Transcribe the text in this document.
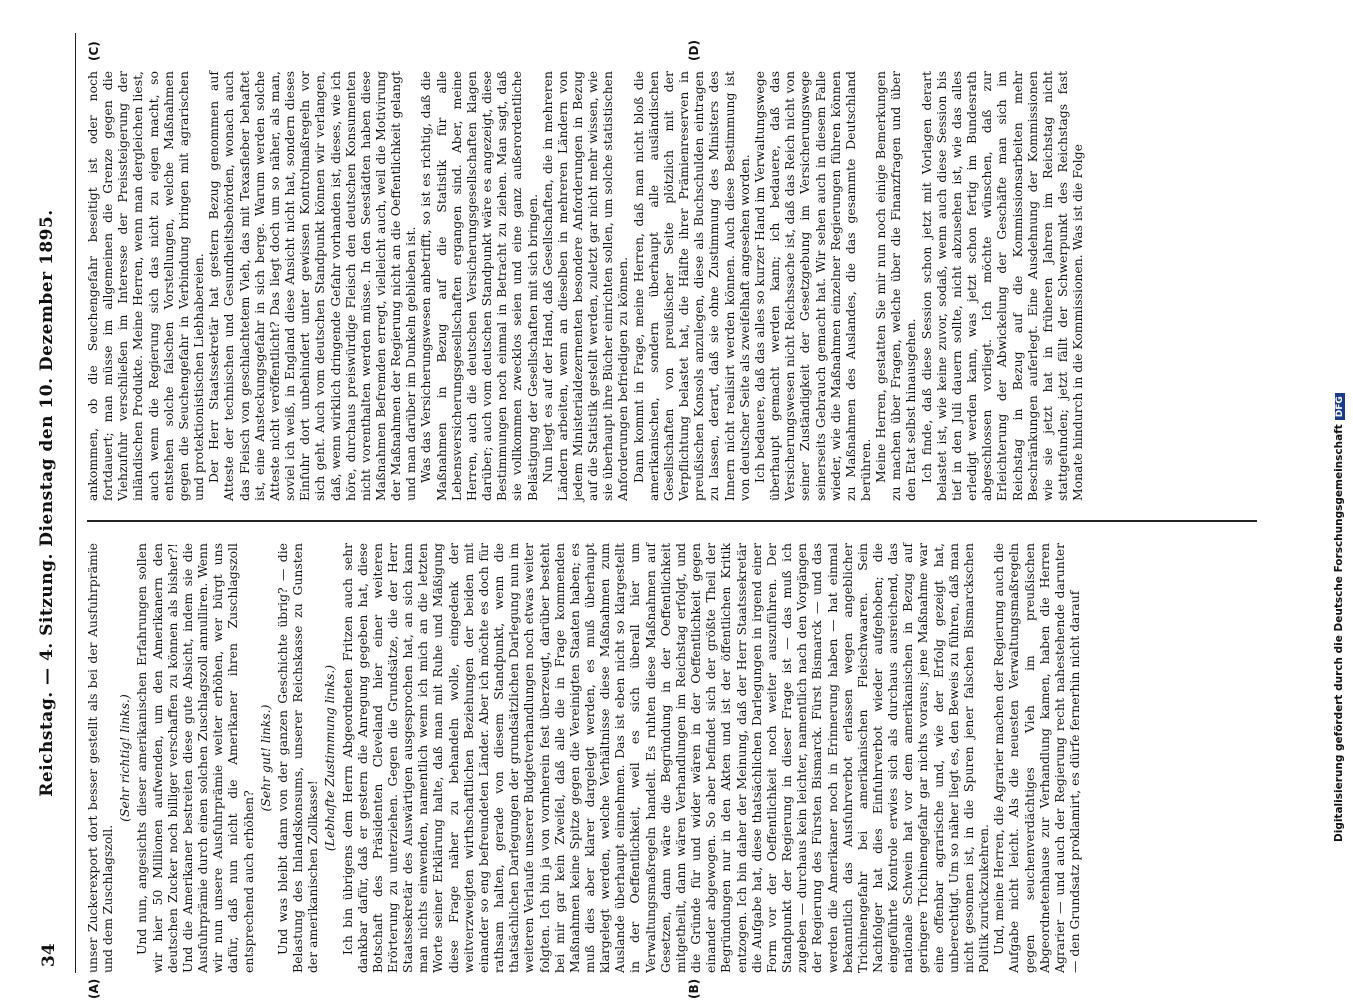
34
Reichstag. — 4. Sitzung. Dienstag den 10. Dezember 1895.
(A)	(B)
(C)	(D)

unser Zuckerexport dort besser gestellt als bei der Ausfuhrprämie und dem Zuschlagszoll.

(Sehr richtig! links.) Und nun, angesichts dieser amerikanischen Erfahrungen sollen wir hier 50 Millionen aufwenden, um den Amerikanern den deutschen Zucker noch billiger verschaffen zu können als bisher?! Und die Amerikaner bestreiten diese gute Absicht, indem sie die Ausfuhrprämie durch einen solchen Zuschlagszoll annulliren. Wenn wir nun unsere Ausfuhrprämie weiter erhöhen, wer bürgt uns dafür, daß nun nicht die Amerikaner ihren Zuschlagszoll entsprechend auch erhöhen?

(Sehr gut! links.) Und was bleibt dann von der ganzen Geschichte übrig? — die Belastung des Inlandskonsums, unserer Reichskasse zu Gunsten der amerikanischen Zollkasse!

(Lebhafte Zustimmung links.) Ich bin übrigens dem Herrn Abgeordneten Fritzen auch sehr dankbar dafür, daß er gestern die Anregung gegeben hat, diese Botschaft des Präsidenten Cleveland hier einer weiteren Erörterung zu unterziehen. Gegen die Grundsätze, die der Herr Staatssekretär des Auswärtigen ausgesprochen hat, an sich kann man nichts einwenden, namentlich wenn ich mich an die letzten Worte seiner Erklärung halte, daß man mit Ruhe und Mäßigung diese Frage näher zu behandeln wolle, eingedenk der weitverzweigten wirthschaftlichen Beziehungen der beiden mit einander so eng befreundeten Länder. Aber ich möchte es doch für rathsam halten, gerade von diesem Standpunkt, wenn die thatsächlichen Darlegungen der grundsätzlichen Darlegung nun im weiteren Verlaufe unserer Budgetverhandlungen noch etwas weiter folgten. Ich bin ja von vornherein fest überzeugt, darüber besteht bei mir gar kein Zweifel, daß alle die in Frage kommenden Maßnahmen keine Spitze gegen die Vereinigten Staaten haben; es muß dies aber klarer dargelegt werden, es muß überhaupt klargelegt werden, welche Verhältnisse diese Maßnahmen zum Auslande überhaupt einnehmen. Das ist eben nicht so klargestellt in der Oeffentlichkeit, weil es sich überall hier um Verwaltungsmaßregeln handelt. Es ruhten diese Maßnahmen auf Gesetzen, dann wäre die Begründung in der Oeffentlichkeit mitgetheilt, dann wären Verhandlungen im Reichstag erfolgt, und die Gründe für und wider wären in der Oeffentlichkeit gegen einander abgewogen. So aber befindet sich der größte Theil der Begründungen nur in den Akten und ist der öffentlichen Kritik entzogen. Ich bin daher der Meinung, daß der Herr Staatssekretär die Aufgabe hat, diese thatsächlichen Darlegungen in irgend einer Form vor der Oeffentlichkeit noch weiter auszuführen. Der Standpunkt der Regierung in dieser Frage ist — das muß ich zugeben — durchaus kein leichter, namentlich nach den Vorgängen der Regierung des Fürsten Bismarck. Fürst Bismarck — und das werden die Amerikaner noch in Erinnerung haben — hat einmal bekanntlich das Ausfuhrverbot erlassen wegen angeblicher Trichinengefahr bei amerikanischen Fleischwaaren. Sein Nachfolger hat dies Einfuhrverbot wieder aufgehoben; die eingeführte Kontrole erwies sich als durchaus ausreichend, das nationale Schwein hat vor dem amerikanischen in Bezug auf geringere Trichinengefahr gar nichts voraus; jene Maßnahme war eine offenbar agrarische und, wie der Erfolg gezeigt hat, unberechtigt. Um so näher liegt es, den Beweis zu führen, daß man nicht gesonnen ist, in die Spuren jener falschen Bismarckschen Politik zurückzukehren. Und, meine Herren, die Agrarier machen der Regierung auch die Aufgabe nicht leicht. Als die neuesten Verwaltungsmaßregeln gegen seuchenverdächtiges Vieh im preußischen Abgeordnetenhause zur Verhandlung kamen, haben die Herren Agrarier — und auch der Regierung recht nahestehende darunter — den Grundsatz proklamirt, es dürfe fernerhin nicht darauf

ankommen, ob die Seuchengefahr beseitigt ist oder noch fortdauert; man müsse im allgemeinen die Grenze gegen die Viehzufuhr verschließen im Interesse der Preissteigerung der inländischen Produkte. Meine Herren, wenn man dergleichen liest, auch wenn die Regierung sich das nicht zu eigen macht, so entstehen solche falschen Vorstellungen, welche Maßnahmen gegen die Seuchengefahr in Verbindung bringen mit agrarischen und protektionistischen Liebhabereien. Der Herr Staatssekretär hat gestern Bezug genommen auf Atteste der technischen und Gesundheitsbehörden, wonach auch das Fleisch von geschlachtetem Vieh, das mit Texasfieber behaftet ist, eine Ansteckungsgefahr in sich berge. Warum werden solche Atteste nicht veröffentlicht? Das liegt doch um so näher, als man, soviel ich weiß, in England diese Ansicht nicht hat, sondern dieses Einfuhr dort unbehindert unter gewissen Kontrolmaßregeln vor sich geht. Auch vom deutschen Standpunkt können wir verlangen, daß, wenn wirklich dringende Gefahr vorhanden ist, dieses, wie ich höre, durchaus preiswürdige Fleisch den deutschen Konsumenten nicht vorenthalten werden müsse. In den Seestädten haben diese Maßnahmen Befremden erregt, vielleicht auch, weil die Motivirung der Maßnahmen der Regierung nicht an die Oeffentlichkeit gelangt und man darüber im Dunkeln geblieben ist. Was das Versicherungswesen anbetrifft, so ist es richtig, daß die Maßnahmen in Bezug auf die Statistik für alle Lebensversicherungsgesellschaften ergangen sind. Aber, meine Herren, auch die deutschen Versicherungsgesellschaften klagen darüber; auch vom deutschen Standpunkt wäre es angezeigt, diese Bestimmungen noch einmal in Betracht zu ziehen. Man sagt, daß sie vollkommen zwecklos seien und eine ganz außerordentliche Belästigung der Gesellschaften mit sich bringen. Nun liegt es auf der Hand, daß Gesellschaften, die in mehreren Ländern arbeiten, wenn an dieselben in mehreren Ländern von jedem Ministerialdezernenten besondere Anforderungen in Bezug auf die Statistik gestellt werden, zuletzt gar nicht mehr wissen, wie sie überhaupt ihre Bücher einrichten sollen, um solche statistischen Anforderungen befriedigen zu können. Dann kommt in Frage, meine Herren, daß man nicht bloß die amerikanischen, sondern überhaupt alle ausländischen Gesellschaften von preußischer Seite plötzlich mit der Verpflichtung belastet hat, die Hälfte ihrer Prämienreserven in preußischen Konsols anzulegen, diese als Buchschulden eintragen zu lassen, derart, daß sie ohne Zustimmung des Ministers des Innern nicht realisirt werden können. Auch diese Bestimmung ist von deutscher Seite als zweifelhaft angesehen worden. Ich bedauere, daß das alles so kurzer Hand im Verwaltungswege überhaupt gemacht werden kann; ich bedauere, daß das Versicherungswesen nicht Reichssache ist, daß das Reich nicht von seiner Zuständigkeit der Gesetzgebung im Versicherungswege seinerseits Gebrauch gemacht hat. Wir sehen auch in diesem Falle wieder, wie die Maßnahmen einzelner Regierungen führen können zu Maßnahmen des Auslandes, die das gesammte Deutschland berühren. Meine Herren, gestatten Sie mir nun noch einige Bemerkungen zu machen über Fragen, welche über die Finanzfragen und über den Etat selbst hinausgehen. Ich finde, daß diese Session schon jetzt mit Vorlagen derart belastet ist, wie keine zuvor, sodaß, wenn auch diese Session bis tief in den Juli dauern sollte, nicht abzusehen ist, wie das alles erledigt werden kann, was jetzt schon fertig im Bundesrath abgeschlossen vorliegt. Ich möchte wünschen, daß zur Erleichterung der Abwickelung der Geschäfte man sich im Reichstag in Bezug auf die Kommissionsarbeiten mehr Beschränkungen auferlegt. Eine Ausdehnung der Kommissionen wie sie jetzt hat in früheren Jahren im Reichstag nicht stattgefunden; jetzt fällt der Schwerpunkt des Reichstags fast Monate hindurch in die Kommissionen. Was ist die Folge

Digitalisierung gefördert durch die Deutsche ForschungsgemeinschaftDFG
